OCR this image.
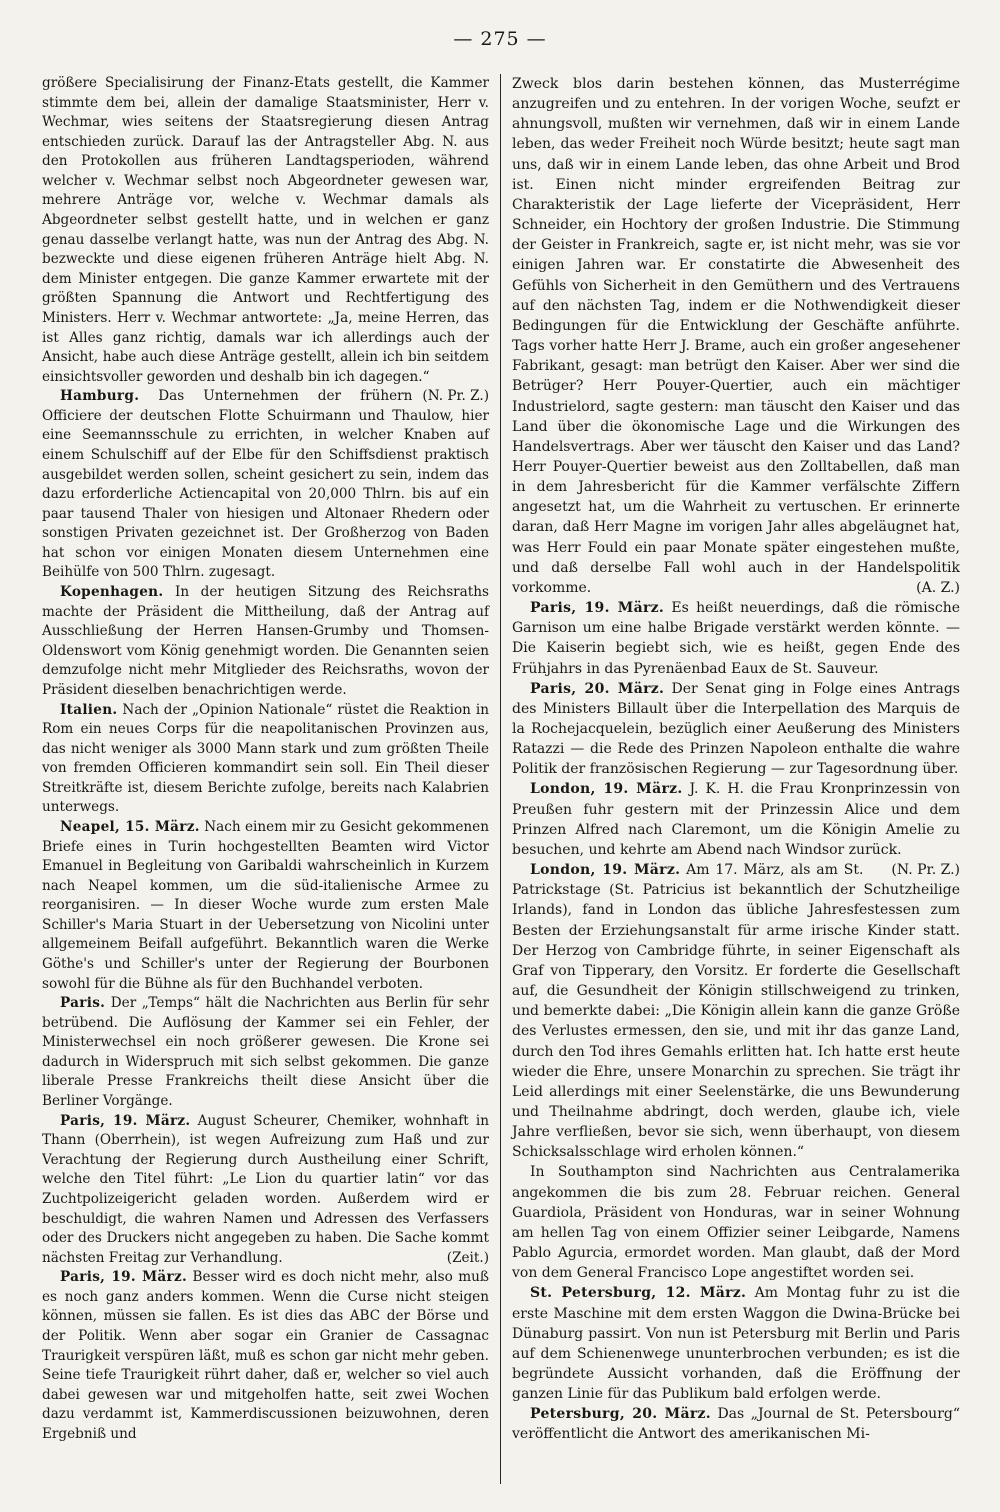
— 275 —

größere Specialisirung der Finanz-Etats gestellt, die Kammer stimmte dem bei, allein der damalige Staatsminister, Herr v. Wechmar, wies seitens der Staatsregierung diesen Antrag entschieden zurück. Darauf las der Antragsteller Abg. N. aus den Protokollen aus früheren Landtagsperioden, während welcher v. Wechmar selbst noch Abgeordneter gewesen war, mehrere Anträge vor, welche v. Wechmar damals als Abgeordneter selbst gestellt hatte, und in welchen er ganz genau dasselbe verlangt hatte, was nun der Antrag des Abg. N. bezweckte und diese eigenen früheren Anträge hielt Abg. N. dem Minister entgegen. Die ganze Kammer erwartete mit der größten Spannung die Antwort und Rechtfertigung des Ministers. Herr v. Wechmar antwortete: „Ja, meine Herren, das ist Alles ganz richtig, damals war ich allerdings auch der Ansicht, habe auch diese Anträge gestellt, allein ich bin seitdem einsichtsvoller geworden und deshalb bin ich dagegen.“
(N. Pr. Z.)

Hamburg. Das Unternehmen der frühern Officiere der deutschen Flotte Schuirmann und Thaulow, hier eine Seemannsschule zu errichten, in welcher Knaben auf einem Schulschiff auf der Elbe für den Schiffsdienst praktisch ausgebildet werden sollen, scheint gesichert zu sein, indem das dazu erforderliche Actiencapital von 20,000 Thlrn. bis auf ein paar tausend Thaler von hiesigen und Altonaer Rhedern oder sonstigen Privaten gezeichnet ist. Der Großherzog von Baden hat schon vor einigen Monaten diesem Unternehmen eine Beihülfe von 500 Thlrn. zugesagt.

Kopenhagen. In der heutigen Sitzung des Reichsraths machte der Präsident die Mittheilung, daß der Antrag auf Ausschließung der Herren Hansen-Grumby und Thomsen-Oldenswort vom König genehmigt worden. Die Genannten seien demzufolge nicht mehr Mitglieder des Reichsraths, wovon der Präsident dieselben benachrichtigen werde.

Italien. Nach der „Opinion Nationale“ rüstet die Reaktion in Rom ein neues Corps für die neapolitanischen Provinzen aus, das nicht weniger als 3000 Mann stark und zum größten Theile von fremden Officieren kommandirt sein soll. Ein Theil dieser Streitkräfte ist, diesem Berichte zufolge, bereits nach Kalabrien unterwegs.

Neapel, 15. März. Nach einem mir zu Gesicht gekommenen Briefe eines in Turin hochgestellten Beamten wird Victor Emanuel in Begleitung von Garibaldi wahrscheinlich in Kurzem nach Neapel kommen, um die süd-italienische Armee zu reorganisiren. — In dieser Woche wurde zum ersten Male Schiller's Maria Stuart in der Uebersetzung von Nicolini unter allgemeinem Beifall aufgeführt. Bekanntlich waren die Werke Göthe's und Schiller's unter der Regierung der Bourbonen sowohl für die Bühne als für den Buchhandel verboten.

Paris. Der „Temps“ hält die Nachrichten aus Berlin für sehr betrübend. Die Auflösung der Kammer sei ein Fehler, der Ministerwechsel ein noch größerer gewesen. Die Krone sei dadurch in Widerspruch mit sich selbst gekommen. Die ganze liberale Presse Frankreichs theilt diese Ansicht über die Berliner Vorgänge.

Paris, 19. März. August Scheurer, Chemiker, wohnhaft in Thann (Oberrhein), ist wegen Aufreizung zum Haß und zur Verachtung der Regierung durch Austheilung einer Schrift, welche den Titel führt: „Le Lion du quartier latin“ vor das Zuchtpolizeigericht geladen worden. Außerdem wird er beschuldigt, die wahren Namen und Adressen des Verfassers oder des Druckers nicht angegeben zu haben. Die Sache kommt nächsten Freitag zur Verhandlung.	(Zeit.)

Paris, 19. März. Besser wird es doch nicht mehr, also muß es noch ganz anders kommen. Wenn die Curse nicht steigen können, müssen sie fallen. Es ist dies das ABC der Börse und der Politik. Wenn aber sogar ein Granier de Cassagnac Traurigkeit verspüren läßt, muß es schon gar nicht mehr geben. Seine tiefe Traurigkeit rührt daher, daß er, welcher so viel auch dabei gewesen war und mitgeholfen hatte, seit zwei Wochen dazu verdammt ist, Kammerdiscussionen beizuwohnen, deren Ergebniß und

Zweck blos darin bestehen können, das Musterrégime anzugreifen und zu entehren. In der vorigen Woche, seufzt er ahnungsvoll, mußten wir vernehmen, daß wir in einem Lande leben, das weder Freiheit noch Würde besitzt; heute sagt man uns, daß wir in einem Lande leben, das ohne Arbeit und Brod ist. Einen nicht minder ergreifenden Beitrag zur Charakteristik der Lage lieferte der Vicepräsident, Herr Schneider, ein Hochtory der großen Industrie. Die Stimmung der Geister in Frankreich, sagte er, ist nicht mehr, was sie vor einigen Jahren war. Er constatirte die Abwesenheit des Gefühls von Sicherheit in den Gemüthern und des Vertrauens auf den nächsten Tag, indem er die Nothwendigkeit dieser Bedingungen für die Entwicklung der Geschäfte anführte. Tags vorher hatte Herr J. Brame, auch ein großer angesehener Fabrikant, gesagt: man betrügt den Kaiser. Aber wer sind die Betrüger? Herr Pouyer-Quertier, auch ein mächtiger Industrielord, sagte gestern: man täuscht den Kaiser und das Land über die ökonomische Lage und die Wirkungen des Handelsvertrags. Aber wer täuscht den Kaiser und das Land? Herr Pouyer-Quertier beweist aus den Zolltabellen, daß man in dem Jahresbericht für die Kammer verfälschte Ziffern angesetzt hat, um die Wahrheit zu vertuschen. Er erinnerte daran, daß Herr Magne im vorigen Jahr alles abgeläugnet hat, was Herr Fould ein paar Monate später eingestehen mußte, und daß derselbe Fall wohl auch in der Handelspolitik vorkomme.	(A. Z.)

Paris, 19. März. Es heißt neuerdings, daß die römische Garnison um eine halbe Brigade verstärkt werden könnte. — Die Kaiserin begiebt sich, wie es heißt, gegen Ende des Frühjahrs in das Pyrenäenbad Eaux de St. Sauveur.

Paris, 20. März. Der Senat ging in Folge eines Antrags des Ministers Billault über die Interpellation des Marquis de la Rochejacquelein, bezüglich einer Aeußerung des Ministers Ratazzi — die Rede des Prinzen Napoleon enthalte die wahre Politik der französischen Regierung — zur Tagesordnung über.

London, 19. März. J. K. H. die Frau Kronprinzessin von Preußen fuhr gestern mit der Prinzessin Alice und dem Prinzen Alfred nach Claremont, um die Königin Amelie zu besuchen, und kehrte am Abend nach Windsor zurück.
(N. Pr. Z.)

London, 19. März. Am 17. März, als am St. Patrickstage (St. Patricius ist bekanntlich der Schutzheilige Irlands), fand in London das übliche Jahresfestessen zum Besten der Erziehungsanstalt für arme irische Kinder statt. Der Herzog von Cambridge führte, in seiner Eigenschaft als Graf von Tipperary, den Vorsitz. Er forderte die Gesellschaft auf, die Gesundheit der Königin stillschweigend zu trinken, und bemerkte dabei: „Die Königin allein kann die ganze Größe des Verlustes ermessen, den sie, und mit ihr das ganze Land, durch den Tod ihres Gemahls erlitten hat. Ich hatte erst heute wieder die Ehre, unsere Monarchin zu sprechen. Sie trägt ihr Leid allerdings mit einer Seelenstärke, die uns Bewunderung und Theilnahme abdringt, doch werden, glaube ich, viele Jahre verfließen, bevor sie sich, wenn überhaupt, von diesem Schicksalsschlage wird erholen können.“

In Southampton sind Nachrichten aus Centralamerika angekommen die bis zum 28. Februar reichen. General Guardiola, Präsident von Honduras, war in seiner Wohnung am hellen Tag von einem Offizier seiner Leibgarde, Namens Pablo Agurcia, ermordet worden. Man glaubt, daß der Mord von dem General Francisco Lope angestiftet worden sei.

St. Petersburg, 12. März. Am Montag fuhr zu ist die erste Maschine mit dem ersten Waggon die Dwina-Brücke bei Dünaburg passirt. Von nun ist Petersburg mit Berlin und Paris auf dem Schienenwege ununterbrochen verbunden; es ist die begründete Aussicht vorhanden, daß die Eröffnung der ganzen Linie für das Publikum bald erfolgen werde.

Petersburg, 20. März. Das „Journal de St. Petersbourg“ veröffentlicht die Antwort des amerikanischen Mi-
